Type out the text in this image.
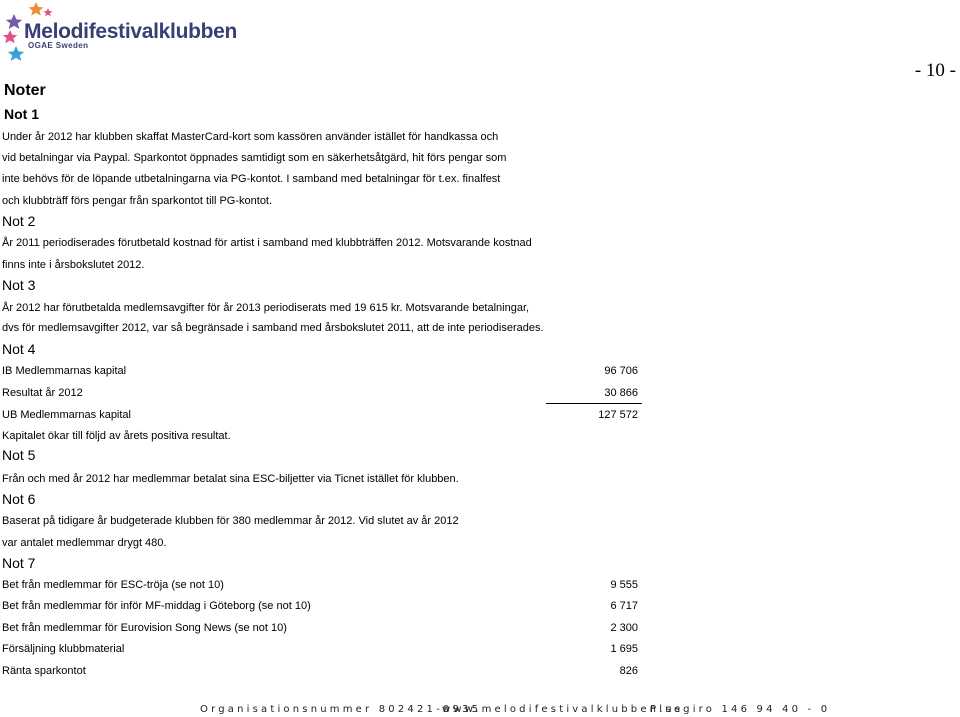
Melodifestivalklubben
OGAE Sweden
- 10 -
Noter
Not 1
Under år 2012 har klubben skaffat MasterCard-kort som kassören använder istället för handkassa och
vid betalningar via Paypal. Sparkontot öppnades samtidigt som en säkerhetsåtgärd, hit förs pengar som
inte behövs för de löpande utbetalningarna via PG-kontot. I samband med betalningar för t.ex. finalfest
och klubbträff förs pengar från sparkontot till PG-kontot.
Not 2
År 2011 periodiserades förutbetald kostnad för artist i samband med klubbträffen 2012. Motsvarande kostnad
finns inte i årsbokslutet 2012.
Not 3
År 2012 har förutbetalda medlemsavgifter för år 2013 periodiserats med 19 615 kr. Motsvarande betalningar,
dvs för medlemsavgifter 2012, var så begränsade i samband med årsbokslutet 2011, att de inte periodiserades.
Not 4
IB Medlemmarnas kapital	96 706
Resultat år 2012	30 866
UB Medlemmarnas kapital	127 572
Kapitalet ökar till följd av årets positiva resultat.
Not 5
Från och med år 2012 har medlemmar betalat sina ESC-biljetter via Ticnet istället för klubben.
Not 6
Baserat på tidigare år budgeterade klubben för 380 medlemmar år 2012. Vid slutet av år 2012
var antalet medlemmar drygt 480.
Not 7
Bet från medlemmar för ESC-tröja (se not 10)	9 555
Bet från medlemmar för inför MF-middag i Göteborg (se not 10)	6 717
Bet från medlemmar för Eurovision Song News (se not 10)	2 300
Försäljning klubbmaterial	1 695
Ränta sparkontot	826
Organisationsnummer 802421-0935
www.melodifestivalklubben.se
Plusgiro 146 94 40 - 0
